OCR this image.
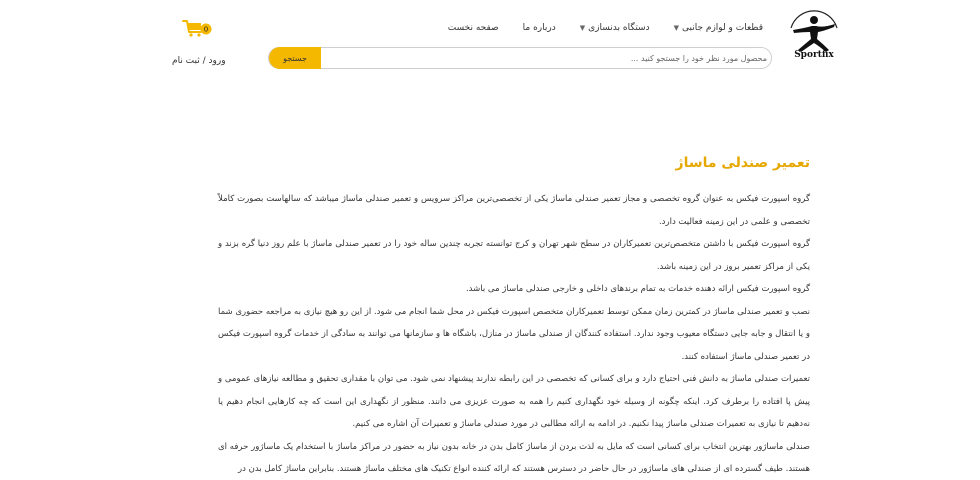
Sportfix
صفحه نخست	درباره ما	دستگاه بدنسازی
▼	قطعات و لوازم جانبی
▼
0
جستجو
محصول مورد نظر خود را جستجو کنید ...
ورود / ثبت نام
تعمیر صندلی ماساژ

گروه اسپورت فیکس به عنوان گروه تخصصی و مجاز تعمیر صندلی ماساژ یکی از تخصصی‌ترین مراکز سرویس و تعمیر صندلی ماساژ میباشد که سالهاست بصورت کاملاً تخصصی و علمی در این زمینه فعالیت دارد.

گروه اسپورت فیکس با داشتن متخصص‌ترین تعمیرکاران در سطح شهر تهران و کرج توانسته تجربه چندین ساله خود را در تعمیر صندلی ماساژ با علم روز دنیا گره بزند و یکی از مراکز تعمیر بروز در این زمینه باشد.

گروه اسپورت فیکس ارائه دهنده خدمات به تمام برندهای داخلی و خارجی صندلی ماساژ می باشد.

نصب و تعمیر صندلی ماساژ در کمترین زمان ممکن توسط تعمیرکاران متخصص اسپورت فیکس در محل شما انجام می شود. از این رو هیچ نیازی به مراجعه حضوری شما و یا انتقال و جابه جایی دستگاه معیوب وجود ندارد. استفاده کنندگان از صندلی ماساژ در منازل، باشگاه ها و سازمانها می توانند به سادگی از خدمات گروه اسپورت فیکس در تعمیر صندلی ماساژ استفاده کنند.

تعمیرات صندلی ماساژ به دانش فنی احتیاج دارد و برای کسانی که تخصصی در این رابطه ندارند پیشنهاد نمی شود. می توان با مقداری تحقیق و مطالعه نیازهای عمومی و پیش پا افتاده را برطرف کرد. اینکه چگونه از وسیله خود نگهداری کنیم را همه به صورت عزیزی می دانند. منظور از نگهداری این است که چه کارهایی انجام دهیم یا نه‌دهیم تا نیازی به تعمیرات صندلی ماساژ پیدا نکنیم. در ادامه به ارائه مطالبی در مورد صندلی ماساژ و تعمیرات آن اشاره می کنیم.

صندلی ماساژور بهترین انتخاب برای کسانی است که مایل به لذت بردن از ماساژ کامل بدن در خانه بدون نیاز به حضور در مراکز ماساژ با استخدام یک ماساژور حرفه ای هستند. طیف گسترده ای از صندلی های ماساژور در حال حاضر در دسترس هستند که ارائه کننده انواع تکنیک های مختلف ماساژ هستند. بنابراین ماساژ کامل بدن در
